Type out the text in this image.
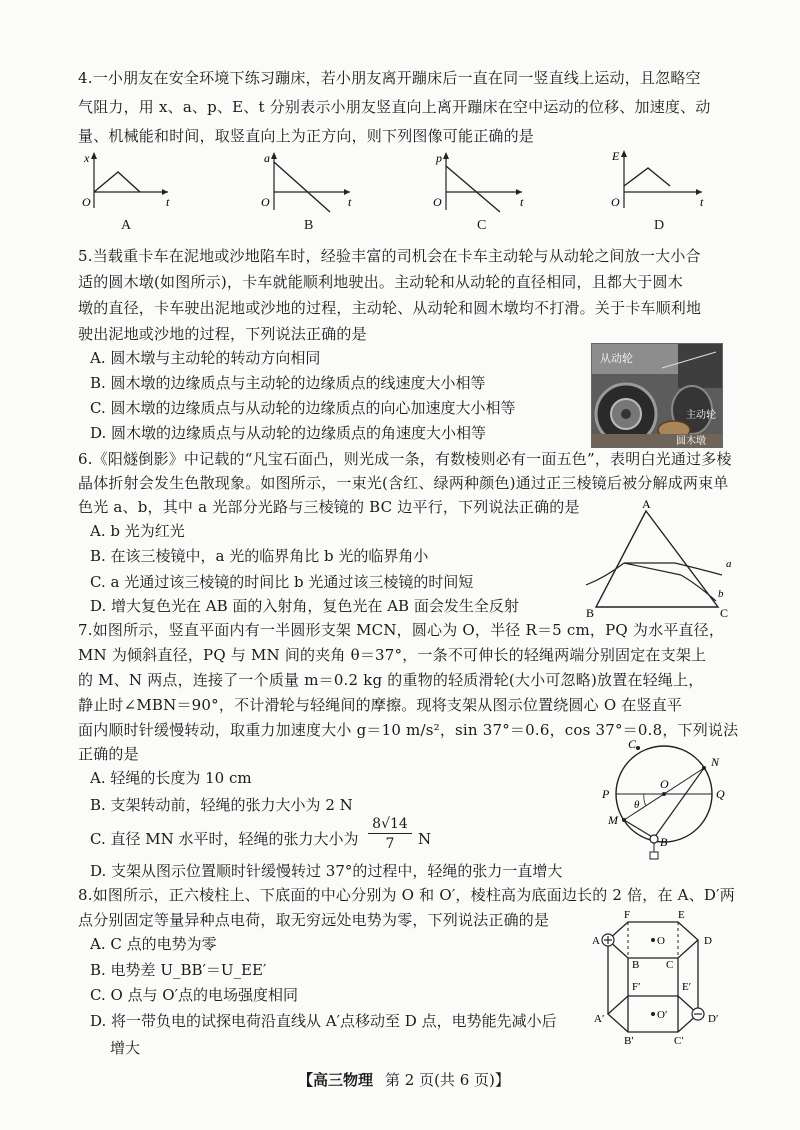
4.一小朋友在安全环境下练习蹦床，若小朋友离开蹦床后一直在同一竖直线上运动，且忽略空
气阻力，用 x、a、p、E、t 分别表示小朋友竖直向上离开蹦床在空中运动的位移、加速度、动
量、机械能和时间，取竖直向上为正方向，则下列图像可能正确的是
x
O	t
A
a
O	t
B
p
O	t
C
E
O	t
D
5.当载重卡车在泥地或沙地陷车时，经验丰富的司机会在卡车主动轮与从动轮之间放一大小合
适的圆木墩(如图所示)，卡车就能顺利地驶出。主动轮和从动轮的直径相同，且都大于圆木
墩的直径，卡车驶出泥地或沙地的过程，主动轮、从动轮和圆木墩均不打滑。关于卡车顺利地
驶出泥地或沙地的过程，下列说法正确的是
A. 圆木墩与主动轮的转动方向相同
B. 圆木墩的边缘质点与主动轮的边缘质点的线速度大小相等
C. 圆木墩的边缘质点与从动轮的边缘质点的向心加速度大小相等
D. 圆木墩的边缘质点与从动轮的边缘质点的角速度大小相等
从动轮
主动轮
圆木墩
6.《阳燧倒影》中记载的“凡宝石面凸，则光成一条，有数棱则必有一面五色”，表明白光通过多棱
晶体折射会发生色散现象。如图所示，一束光(含红、绿两种颜色)通过正三棱镜后被分解成两束单
色光 a、b，其中 a 光部分光路与三棱镜的 BC 边平行，下列说法正确的是
A. b 光为红光
B. 在该三棱镜中，a 光的临界角比 b 光的临界角小
C. a 光通过该三棱镜的时间比 b 光通过该三棱镜的时间短
D. 增大复色光在 AB 面的入射角，复色光在 AB 面会发生全反射
A
B	C
a
b
7.如图所示，竖直平面内有一半圆形支架 MCN，圆心为 O，半径 R＝5 cm，PQ 为水平直径，
MN 为倾斜直径，PQ 与 MN 间的夹角 θ＝37°，一条不可伸长的轻绳两端分别固定在支架上
的 M、N 两点，连接了一个质量 m＝0.2 kg 的重物的轻质滑轮(大小可忽略)放置在轻绳上，
静止时∠MBN＝90°，不计滑轮与轻绳间的摩擦。现将支架从图示位置绕圆心 O 在竖直平
面内顺时针缓慢转动，取重力加速度大小 g＝10 m/s²，sin 37°＝0.6，cos 37°＝0.8，下列说法
正确的是
A. 轻绳的长度为 10 cm
B. 支架转动前，轻绳的张力大小为 2 N
C. 直径 MN 水平时，轻绳的张力大小为
8√14
7	N
D. 支架从图示位置顺时针缓慢转过 37°的过程中，轻绳的张力一直增大
C
N
O
P	Q
M
B
θ
8.如图所示，正六棱柱上、下底面的中心分别为 O 和 O′，棱柱高为底面边长的 2 倍，在 A、D′两
点分别固定等量异种点电荷，取无穷远处电势为零，下列说法正确的是
A. C 点的电势为零
B. 电势差 U_BB′＝U_EE′
C. O 点与 O′点的电场强度相同
D. 将一带负电的试探电荷沿直线从 A′点移动至 D 点，电势能先减小后
增大
F	E
A	O	D
B C
F′	E′
A′	O′	D′
B′	C′
【高三物理 第 2 页(共 6 页)】
